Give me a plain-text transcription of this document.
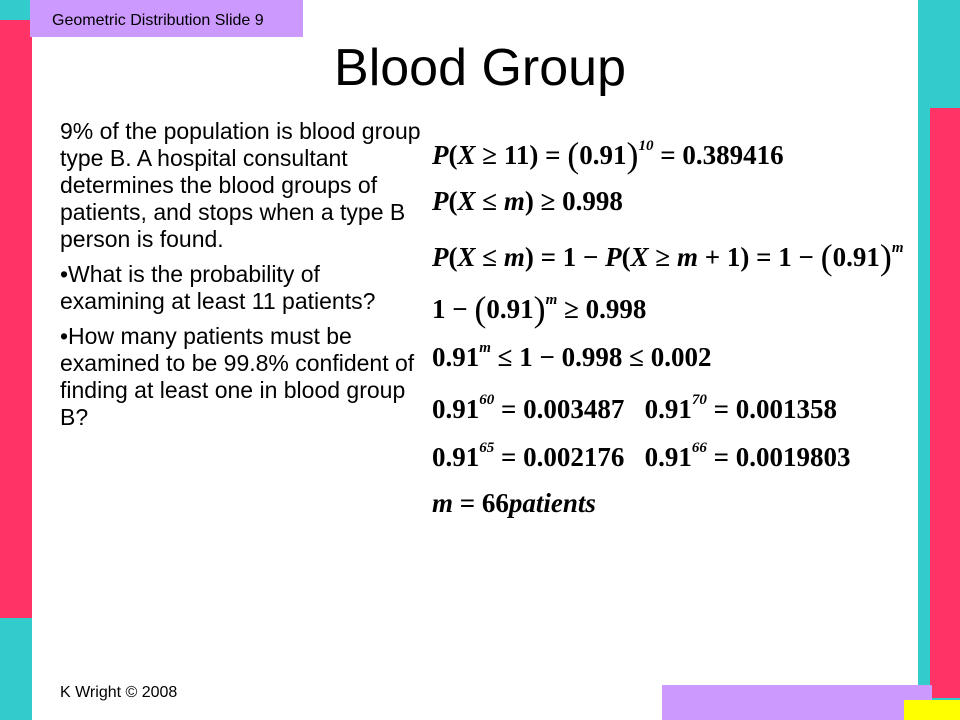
Geometric Distribution Slide 9
Blood Group

9% of the population is blood group type B. A hospital consultant determines the blood groups of patients, and stops when a type B person is found.

•What is the probability of examining at least 11 patients?

•How many patients must be examined to be 99.8% confident of finding at least one in blood group B?

$P(X \ge 11) = (0.91)^{10} = 0.389416$
P(X ≤ m) ≥ 0.998
$P(X \le m) = 1 - P(X \ge m + 1) = 1 - (0.91)^m$
$1 - (0.91)^m \ge 0.998$
$0.91^m \le 1 - 0.998 \le 0.002$
$0.91^{60} = 0.003487$   $0.91^{70} = 0.001358$
$0.91^{65} = 0.002176$   $0.91^{66} = 0.0019803$
m = 66patients
K Wright © 2008
